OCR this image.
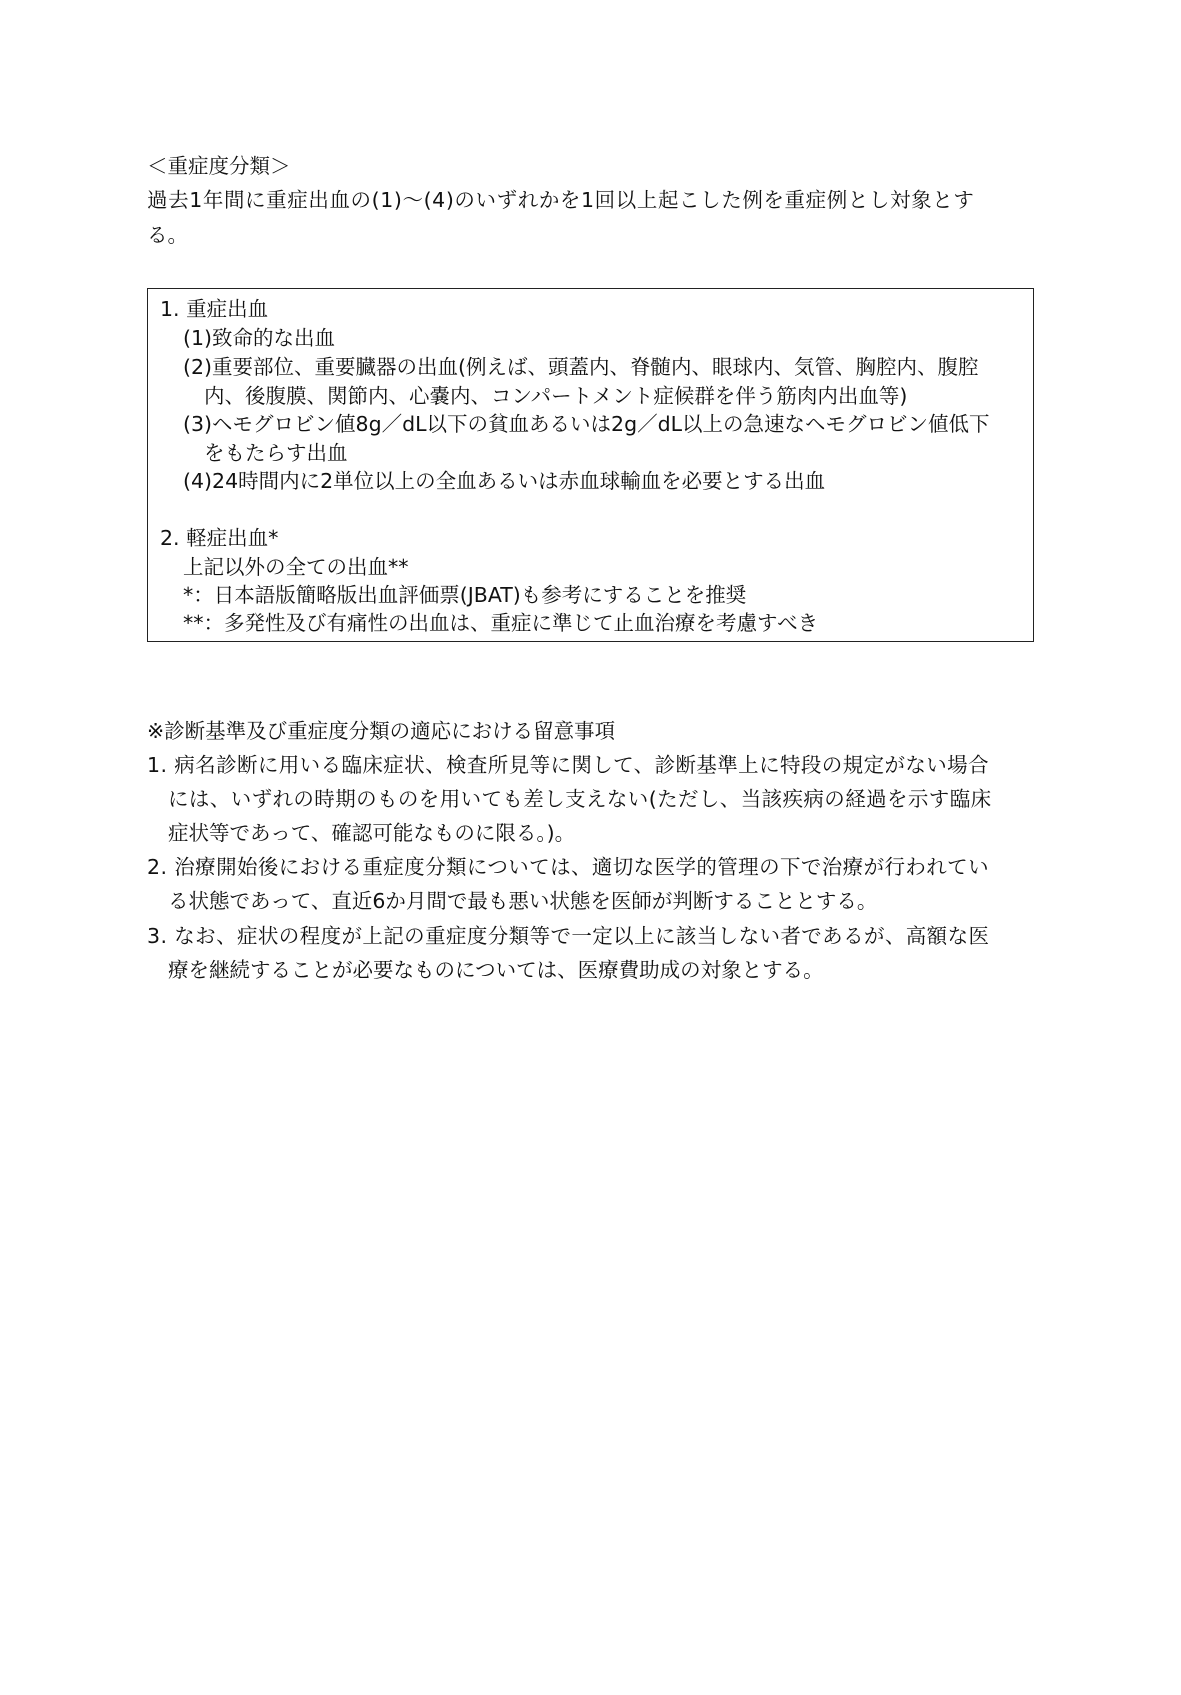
＜重症度分類＞
過去1年間に重症出血の(1)～(4)のいずれかを1回以上起こした例を重症例とし対象とす
る。
1. 重症出血
(1)致命的な出血
(2)重要部位、重要臓器の出血(例えば、頭蓋内、脊髄内、眼球内、気管、胸腔内、腹腔
内、後腹膜、関節内、心嚢内、コンパートメント症候群を伴う筋肉内出血等)
(3)ヘモグロビン値8g／dL以下の貧血あるいは2g／dL以上の急速なヘモグロビン値低下
をもたらす出血
(4)24時間内に2単位以上の全血あるいは赤血球輸血を必要とする出血
2. 軽症出血*
上記以外の全ての出血**
*：日本語版簡略版出血評価票(JBAT)も参考にすることを推奨
**：多発性及び有痛性の出血は、重症に準じて止血治療を考慮すべき
※診断基準及び重症度分類の適応における留意事項
1. 病名診断に用いる臨床症状、検査所見等に関して、診断基準上に特段の規定がない場合
には、いずれの時期のものを用いても差し支えない(ただし、当該疾病の経過を示す臨床
症状等であって、確認可能なものに限る。)。
2. 治療開始後における重症度分類については、適切な医学的管理の下で治療が行われてい
る状態であって、直近6か月間で最も悪い状態を医師が判断することとする。
3. なお、症状の程度が上記の重症度分類等で一定以上に該当しない者であるが、高額な医
療を継続することが必要なものについては、医療費助成の対象とする。
